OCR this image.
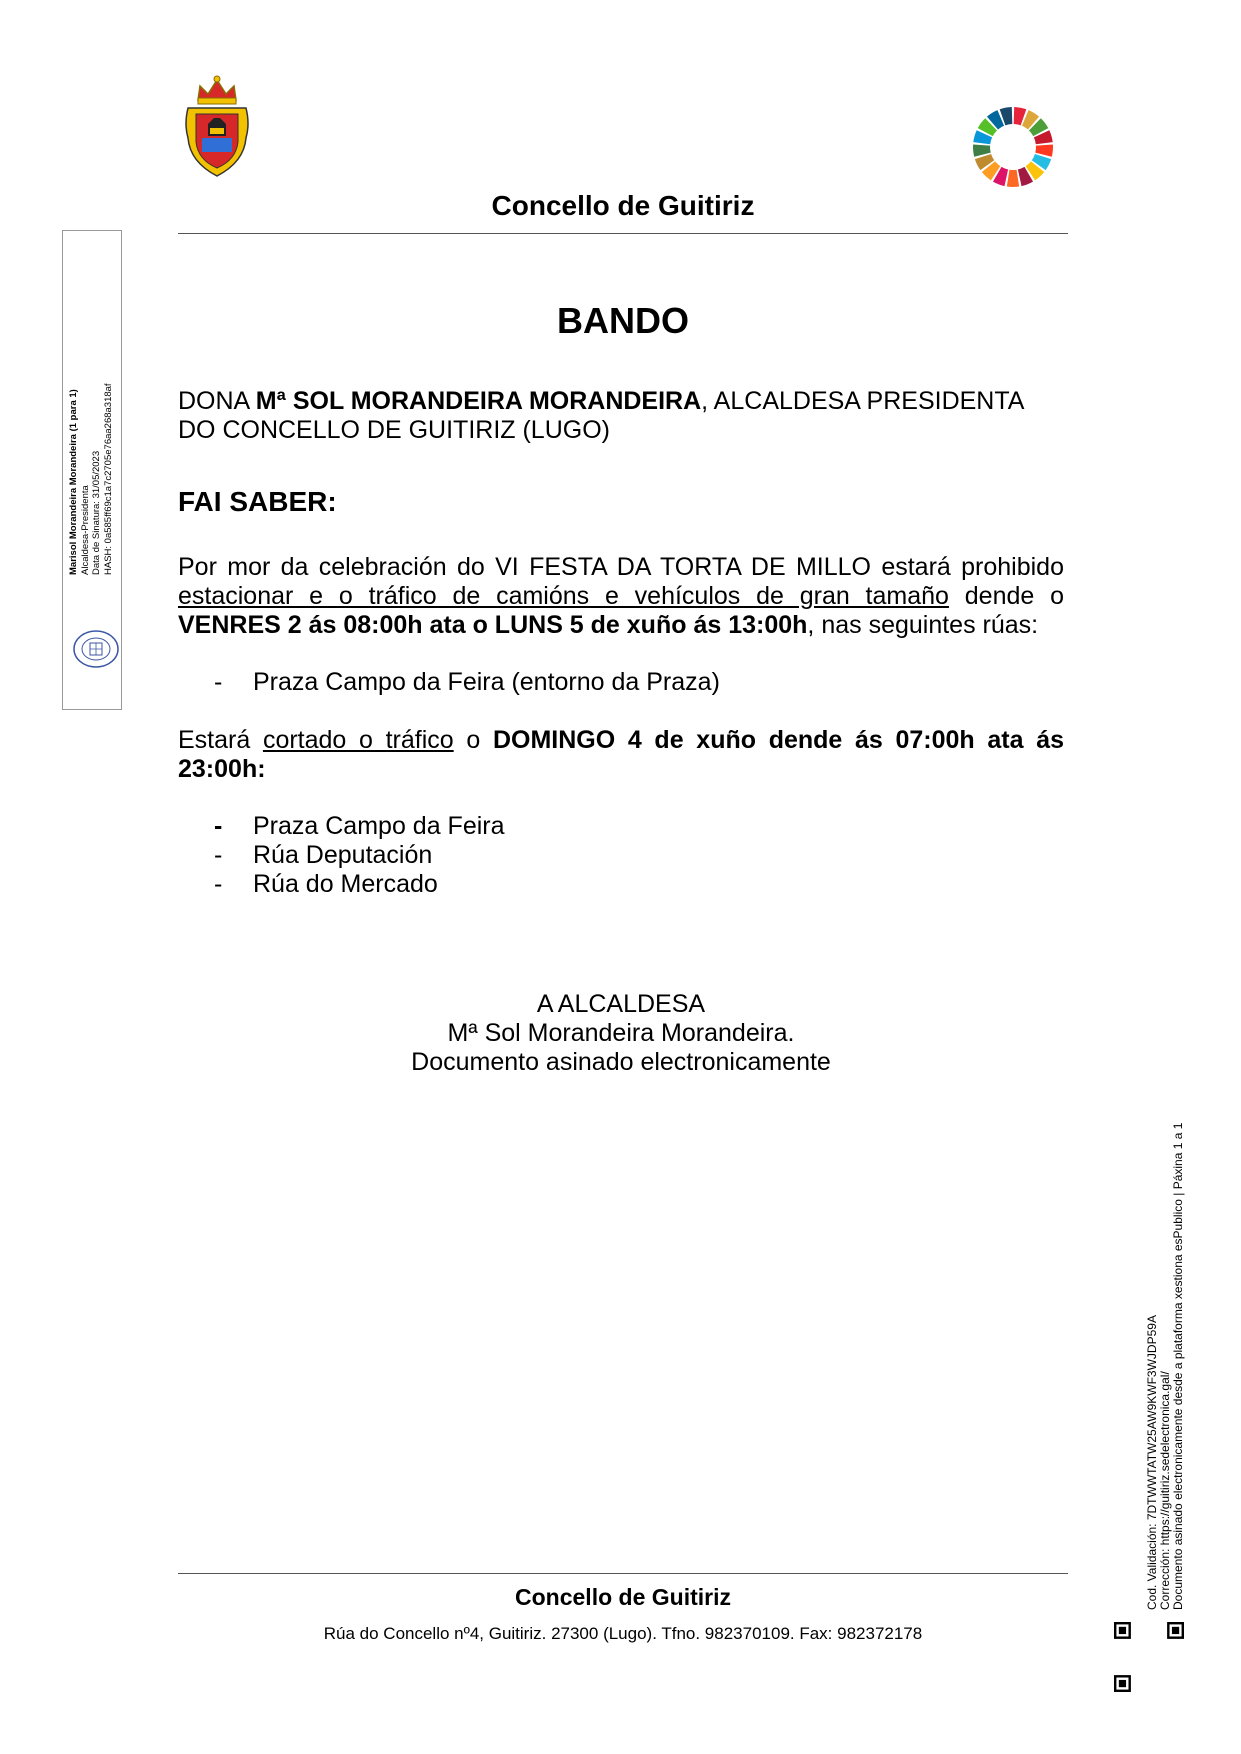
Concello de Guitiriz
Marisol Morandeira Morandeira (1 para 1) Alcaldesa-Presidenta Data de Sinatura: 31/05/2023 HASH: 0a585ff69c1a7c2705e76aa268a318af
BANDO
DONA Mª SOL MORANDEIRA MORANDEIRA, ALCALDESA PRESIDENTA DO CONCELLO DE GUITIRIZ (LUGO)
FAI SABER:
Por mor da celebración do VI FESTA DA TORTA DE MILLO estará prohibido estacionar e o tráfico de camións e vehículos de gran tamaño dende o VENRES 2 ás 08:00h ata o LUNS 5 de xuño ás 13:00h, nas seguintes rúas:
-	Praza Campo da Feira (entorno da Praza)
Estará cortado o tráfico o DOMINGO 4 de xuño dende ás 07:00h ata ás 23:00h:
-	Praza Campo da Feira
-	Rúa Deputación
-	Rúa do Mercado
A ALCALDESA
Mª Sol Morandeira Morandeira.
Documento asinado electronicamente
Concello de Guitiriz
Rúa do Concello nº4, Guitiriz. 27300 (Lugo). Tfno. 982370109. Fax: 982372178
Cod. Validación: 7DTWWTATW25AW9KWF3WJDP59A Corrección: https://guitiriz.sedelectronica.gal/ Documento asinado electronicamente desde a plataforma xestiona esPublico | Páxina 1 a 1
